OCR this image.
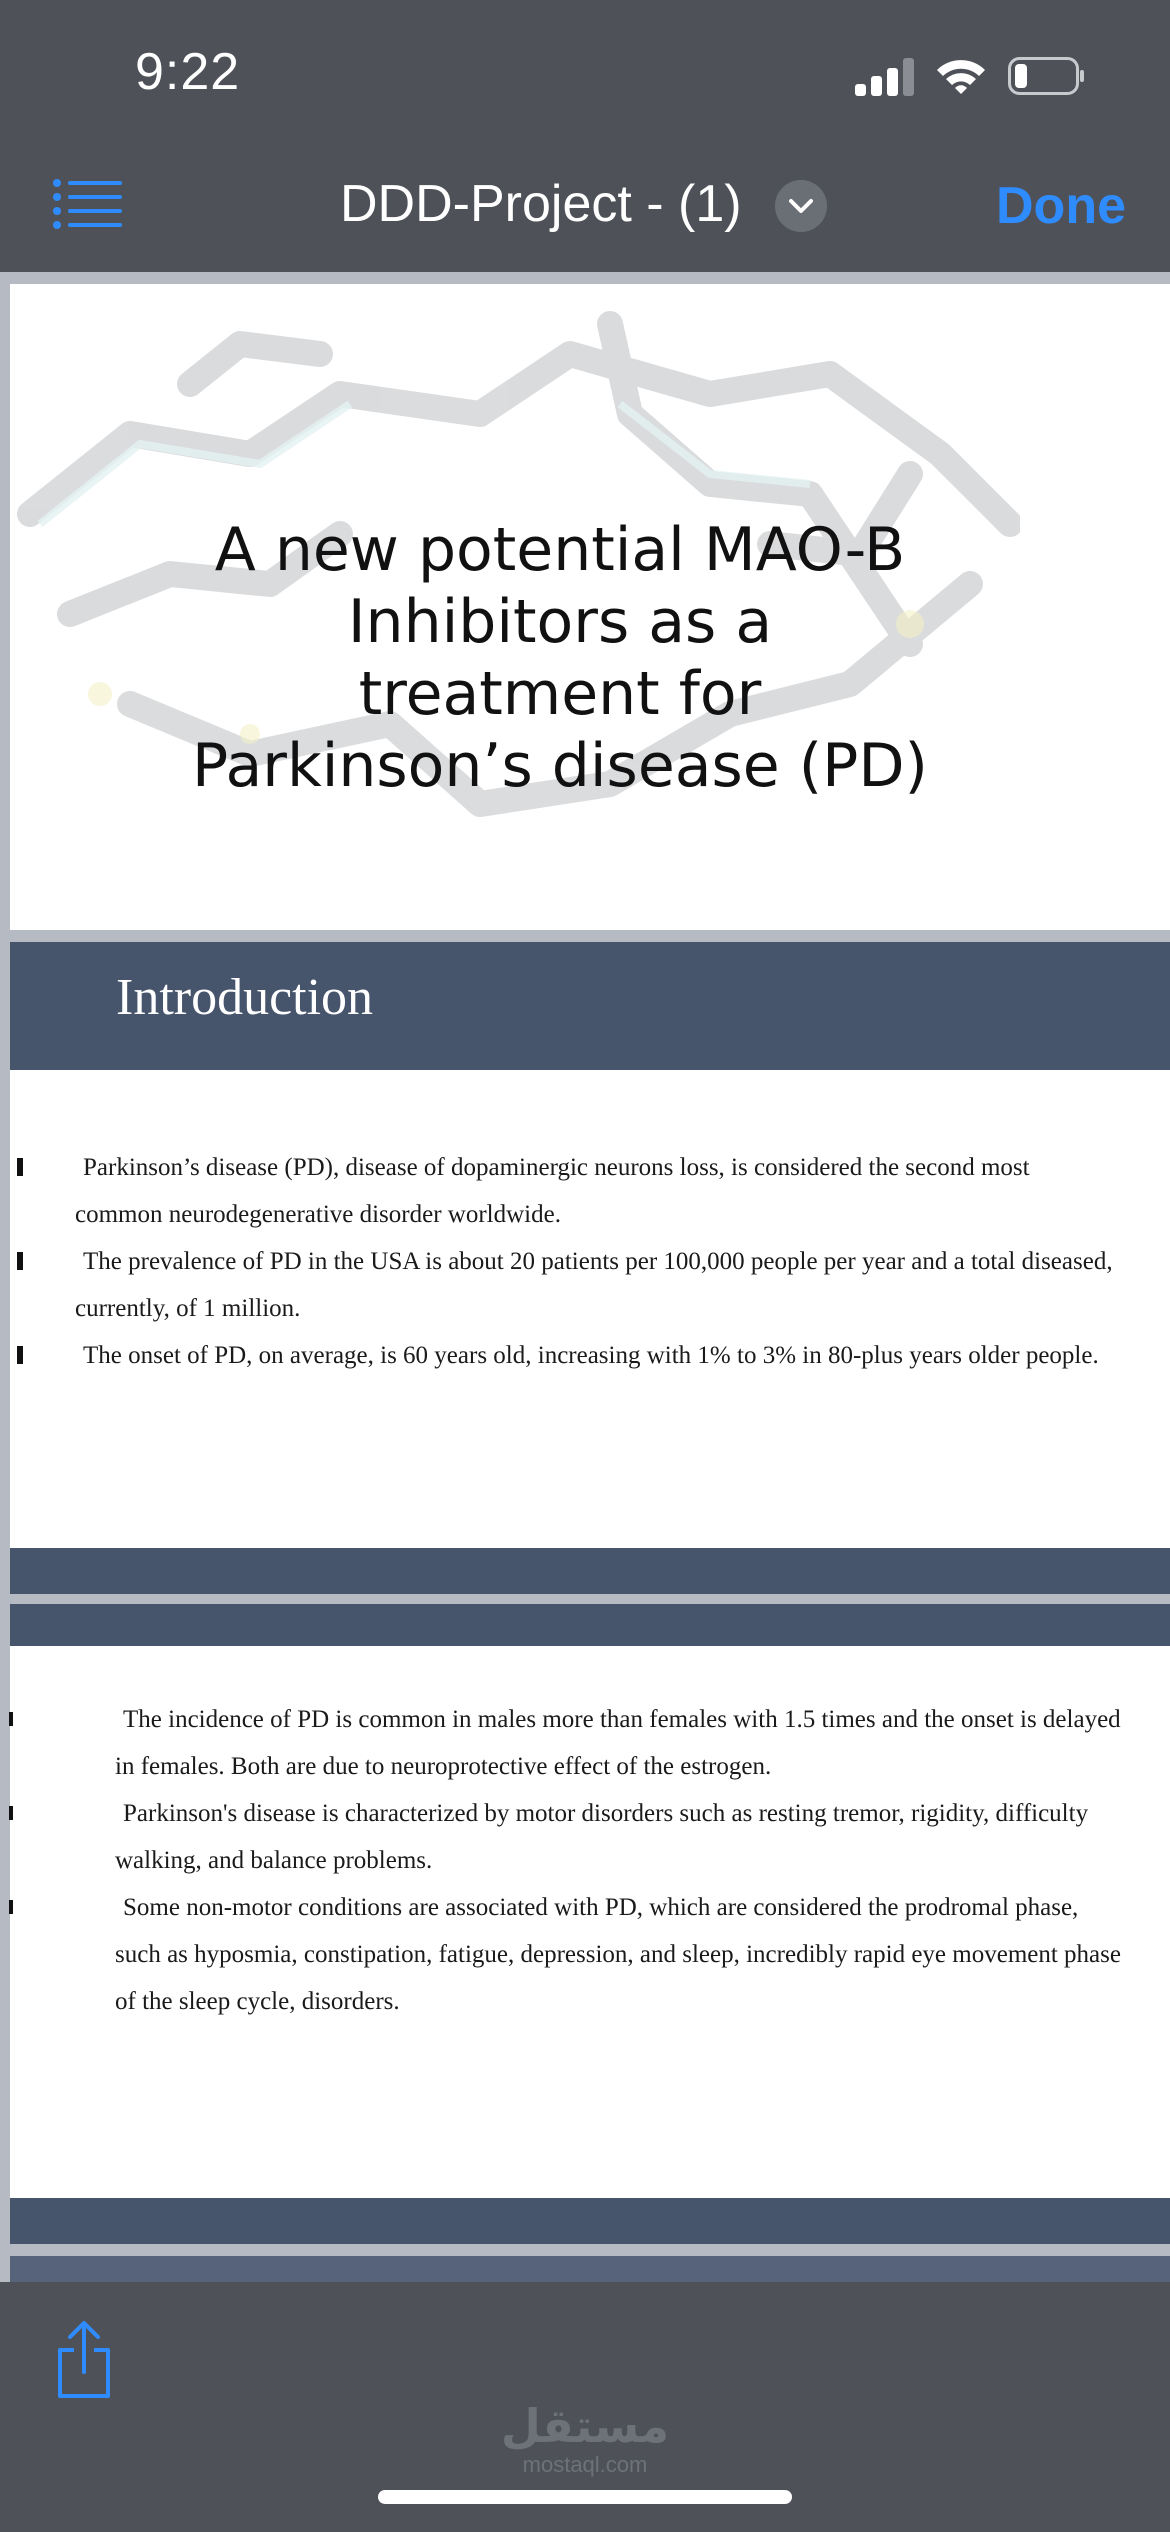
9:22
DDD-Project - (1)	Done
A new potential MAO-B
Inhibitors as a
treatment for
Parkinson’s disease (PD)
Introduction
Parkinson’s disease (PD), disease of dopaminergic neurons loss, is considered the second most common neurodegenerative disorder worldwide.
The prevalence of PD in the USA is about 20 patients per 100,000 people per year and a total diseased, currently, of 1 million.
The onset of PD, on average, is 60 years old, increasing with 1% to 3% in 80-plus years older people.
The incidence of PD is common in males more than females with 1.5 times and the onset is delayed in females. Both are due to neuroprotective effect of the estrogen.
Parkinson's disease is characterized by motor disorders such as resting tremor, rigidity, difficulty walking, and balance problems.
Some non-motor conditions are associated with PD, which are considered the prodromal phase, such as hyposmia, constipation, fatigue, depression, and sleep, incredibly rapid eye movement phase of the sleep cycle, disorders.
مستقل
mostaql.com
